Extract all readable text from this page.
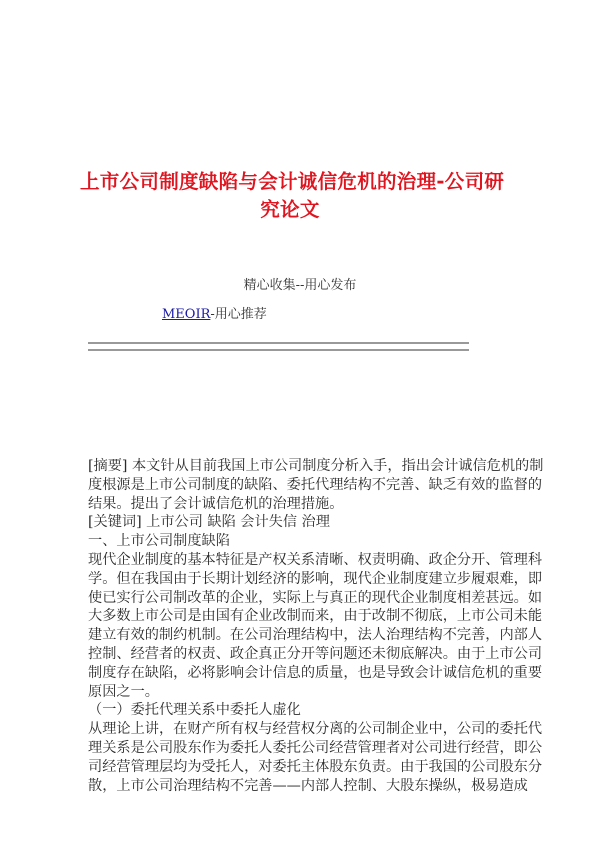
上市公司制度缺陷与会计诚信危机的治理-公司研
究论文
精心收集--用心发布
MEOIR-用心推荐
[摘要] 本文针从目前我国上市公司制度分析入手，指出会计诚信危机的制
度根源是上市公司制度的缺陷、委托代理结构不完善、缺乏有效的监督的
结果。提出了会计诚信危机的治理措施。
[关键词] 上市公司 缺陷 会计失信 治理
一、上市公司制度缺陷
现代企业制度的基本特征是产权关系清晰、权责明确、政企分开、管理科
学。但在我国由于长期计划经济的影响，现代企业制度建立步履艰难，即
使已实行公司制改革的企业，实际上与真正的现代企业制度相差甚远。如
大多数上市公司是由国有企业改制而来，由于改制不彻底，上市公司未能
建立有效的制约机制。在公司治理结构中，法人治理结构不完善，内部人
控制、经营者的权责、政企真正分开等问题还未彻底解决。由于上市公司
制度存在缺陷，必将影响会计信息的质量，也是导致会计诚信危机的重要
原因之一。
（一）委托代理关系中委托人虚化
从理论上讲，在财产所有权与经营权分离的公司制企业中，公司的委托代
理关系是公司股东作为委托人委托公司经营管理者对公司进行经营，即公
司经营管理层均为受托人，对委托主体股东负责。由于我国的公司股东分
散，上市公司治理结构不完善——内部人控制、大股东操纵，极易造成
